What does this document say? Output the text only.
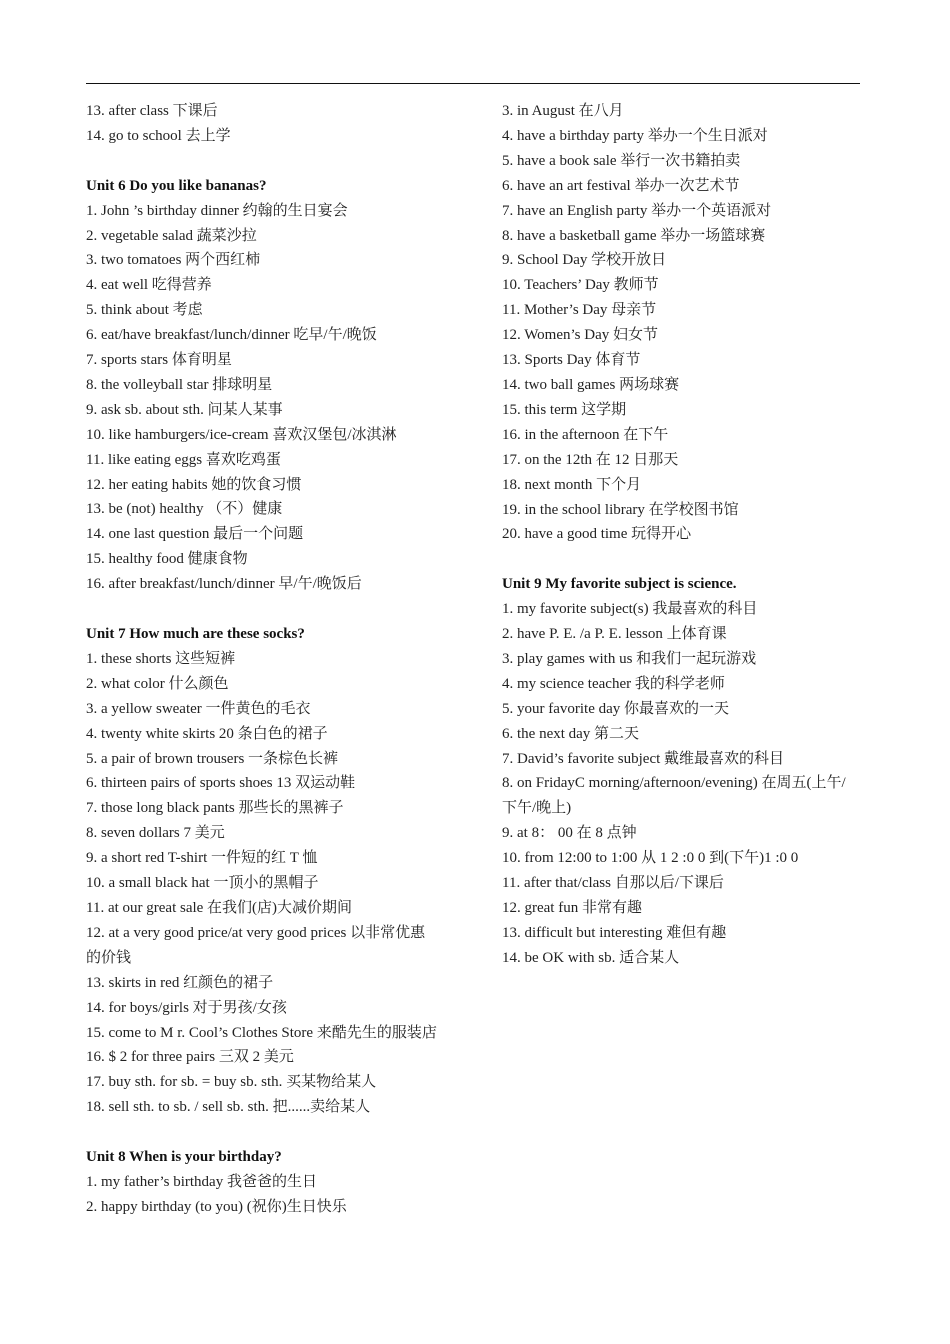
13. after class 下课后

14. go to school 去上学

Unit 6 Do you like bananas?

1. John ’s birthday dinner 约翰的生日宴会

2. vegetable salad 蔬菜沙拉

3. two tomatoes 两个西红柿

4. eat well 吃得营养

5. think about 考虑

6. eat/have breakfast/lunch/dinner 吃早/午/晚饭

7. sports stars 体育明星

8. the volleyball star 排球明星

9. ask sb. about sth. 问某人某事

10. like hamburgers/ice-cream 喜欢汉堡包/冰淇淋

11. like eating eggs 喜欢吃鸡蛋

12. her eating habits 她的饮食习惯

13. be (not) healthy （不）健康

14. one last question 最后一个问题

15. healthy food 健康食物

16. after breakfast/lunch/dinner 早/午/晚饭后

Unit 7 How much are these socks?

1. these shorts 这些短裤

2. what color 什么颜色

3. a yellow sweater 一件黄色的毛衣

4. twenty white skirts 20 条白色的裙子

5. a pair of brown trousers 一条棕色长裤

6. thirteen pairs of sports shoes 13 双运动鞋

7. those long black pants 那些长的黑裤子

8. seven dollars 7 美元

9. a short red T-shirt 一件短的红 T 恤

10. a small black hat 一顶小的黑帽子

11. at our great sale 在我们(店)大减价期间

12. at a very good price/at very good prices 以非常优惠的价钱

13. skirts in red 红颜色的裙子

14. for boys/girls 对于男孩/女孩

15. come to M r. Cool’s Clothes Store 来酷先生的服装店

16. $ 2 for three pairs 三双 2 美元

17. buy sth. for sb. = buy sb. sth. 买某物给某人

18. sell sth. to sb. / sell sb. sth. 把......卖给某人

Unit 8 When is your birthday?

1. my father’s birthday 我爸爸的生日

2. happy birthday (to you) (祝你)生日快乐

3. in August 在八月

4. have a birthday party 举办一个生日派对

5. have a book sale 举行一次书籍拍卖

6. have an art festival 举办一次艺术节

7. have an English party 举办一个英语派对

8. have a basketball game 举办一场篮球赛

9. School Day 学校开放日

10. Teachers’ Day 教师节

11. Mother’s Day 母亲节

12. Women’s Day 妇女节

13. Sports Day 体育节

14. two ball games 两场球赛

15. this term 这学期

16. in the afternoon 在下午

17. on the 12th 在 12 日那天

18. next month 下个月

19. in the school library 在学校图书馆

20. have a good time 玩得开心

Unit 9 My favorite subject is science.

1. my favorite subject(s) 我最喜欢的科目

2. have P. E. /a P. E. lesson 上体育课

3. play games with us 和我们一起玩游戏

4. my science teacher 我的科学老师

5. your favorite day 你最喜欢的一天

6. the next day 第二天

7. David’s favorite subject 戴维最喜欢的科目

8. on FridayC morning/afternoon/evening) 在周五(上午/下午/晚上)

9. at 8： 00 在 8 点钟

10. from 12:00 to 1:00 从 1 2 :0 0 到(下午)1 :0 0

11. after that/class 自那以后/下课后

12. great fun 非常有趣

13. difficult but interesting 难但有趣

14. be OK with sb. 适合某人
